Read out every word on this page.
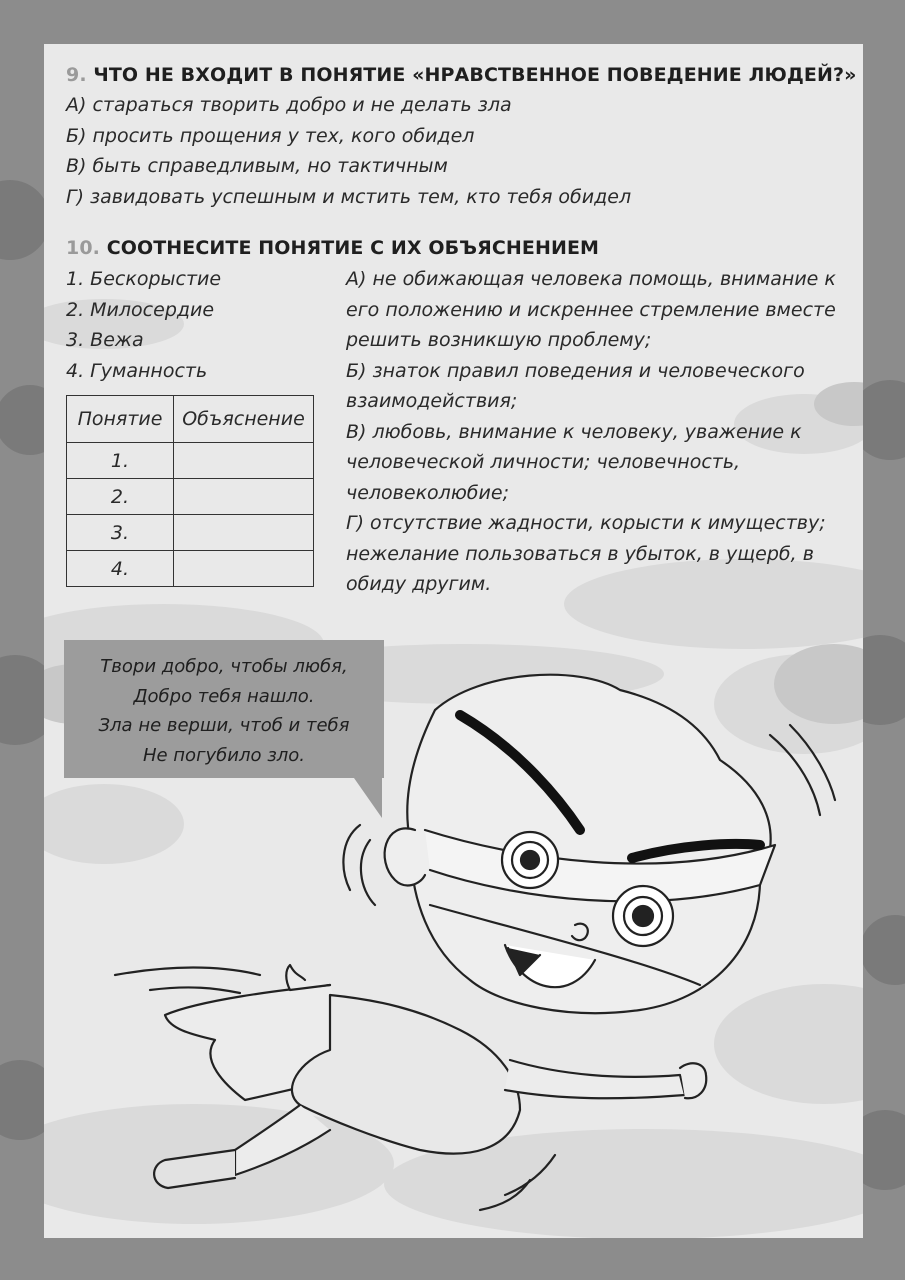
9. ЧТО НЕ ВХОДИТ В ПОНЯТИЕ «НРАВСТВЕННОЕ ПОВЕДЕНИЕ ЛЮДЕЙ?»
А) стараться творить добро и не делать зла
Б) просить прощения у тех, кого обидел
В) быть справедливым, но тактичным
Г) завидовать успешным и мстить тем, кто тебя обидел
10. СООТНЕСИТЕ ПОНЯТИЕ С ИХ ОБЪЯСНЕНИЕМ
1. Бескорыстие
2. Милосердие
3. Вежа
4. Гуманность
Понятие	Объяснение
1.	
2.	
3.	
4.	
А) не обижающая человека помощь, внимание к его положению и искреннее стремление вместе решить возникшую проблему;
Б) знаток правил поведения и человеческого взаимодействия;
В) любовь, внимание к человеку, уважение к человеческой личности; человечность, человеколюбие;
Г) отсутствие жадности, корысти к имуществу; нежелание пользоваться в убыток, в ущерб, в обиду другим.
Твори добро, чтобы любя,
Добро тебя нашло.
Зла не верши, чтоб и тебя
Не погубило зло.
